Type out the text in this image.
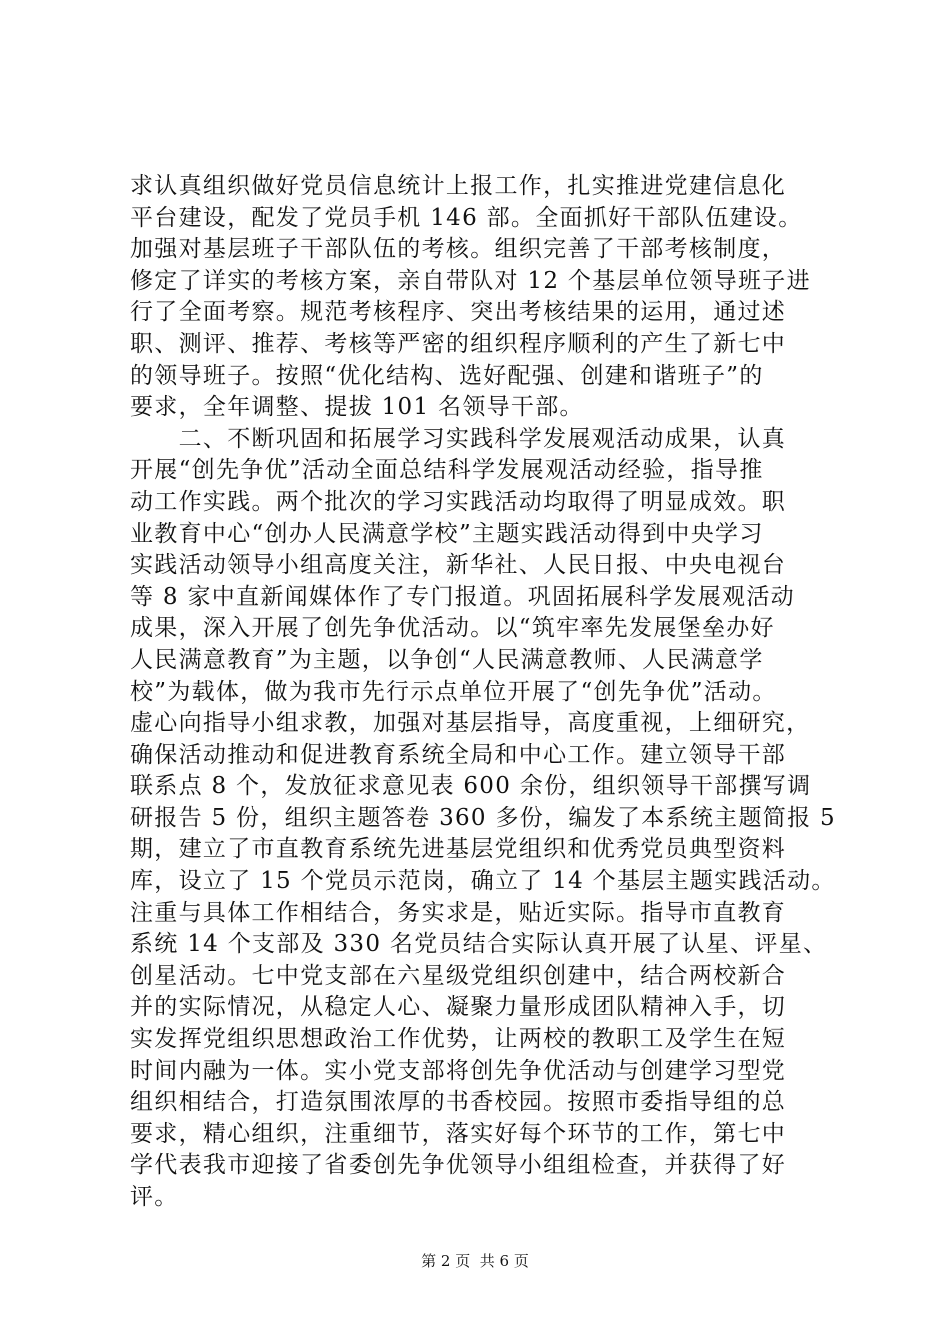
求认真组织做好党员信息统计上报工作，扎实推进党建信息化
平台建设，配发了党员手机 146 部。全面抓好干部队伍建设。
加强对基层班子干部队伍的考核。组织完善了干部考核制度，
修定了详实的考核方案，亲自带队对 12 个基层单位领导班子进
行了全面考察。规范考核程序、突出考核结果的运用，通过述
职、测评、推荐、考核等严密的组织程序顺利的产生了新七中
的领导班子。按照“优化结构、选好配强、创建和谐班子”的
要求，全年调整、提拔 101 名领导干部。
　　二、不断巩固和拓展学习实践科学发展观活动成果，认真
开展“创先争优”活动全面总结科学发展观活动经验，指导推
动工作实践。两个批次的学习实践活动均取得了明显成效。职
业教育中心“创办人民满意学校”主题实践活动得到中央学习
实践活动领导小组高度关注，新华社、人民日报、中央电视台
等 8 家中直新闻媒体作了专门报道。巩固拓展科学发展观活动
成果，深入开展了创先争优活动。以“筑牢率先发展堡垒办好
人民满意教育”为主题，以争创“人民满意教师、人民满意学
校”为载体，做为我市先行示点单位开展了“创先争优”活动。
虚心向指导小组求教，加强对基层指导，高度重视，上细研究，
确保活动推动和促进教育系统全局和中心工作。建立领导干部
联系点 8 个，发放征求意见表 600 余份，组织领导干部撰写调
研报告 5 份，组织主题答卷 360 多份，编发了本系统主题简报 5
期，建立了市直教育系统先进基层党组织和优秀党员典型资料
库，设立了 15 个党员示范岗，确立了 14 个基层主题实践活动。
注重与具体工作相结合，务实求是，贴近实际。指导市直教育
系统 14 个支部及 330 名党员结合实际认真开展了认星、评星、
创星活动。七中党支部在六星级党组织创建中，结合两校新合
并的实际情况，从稳定人心、凝聚力量形成团队精神入手，切
实发挥党组织思想政治工作优势，让两校的教职工及学生在短
时间内融为一体。实小党支部将创先争优活动与创建学习型党
组织相结合，打造氛围浓厚的书香校园。按照市委指导组的总
要求，精心组织，注重细节，落实好每个环节的工作，第七中
学代表我市迎接了省委创先争优领导小组组检查，并获得了好
评。
第 2 页  共 6 页
